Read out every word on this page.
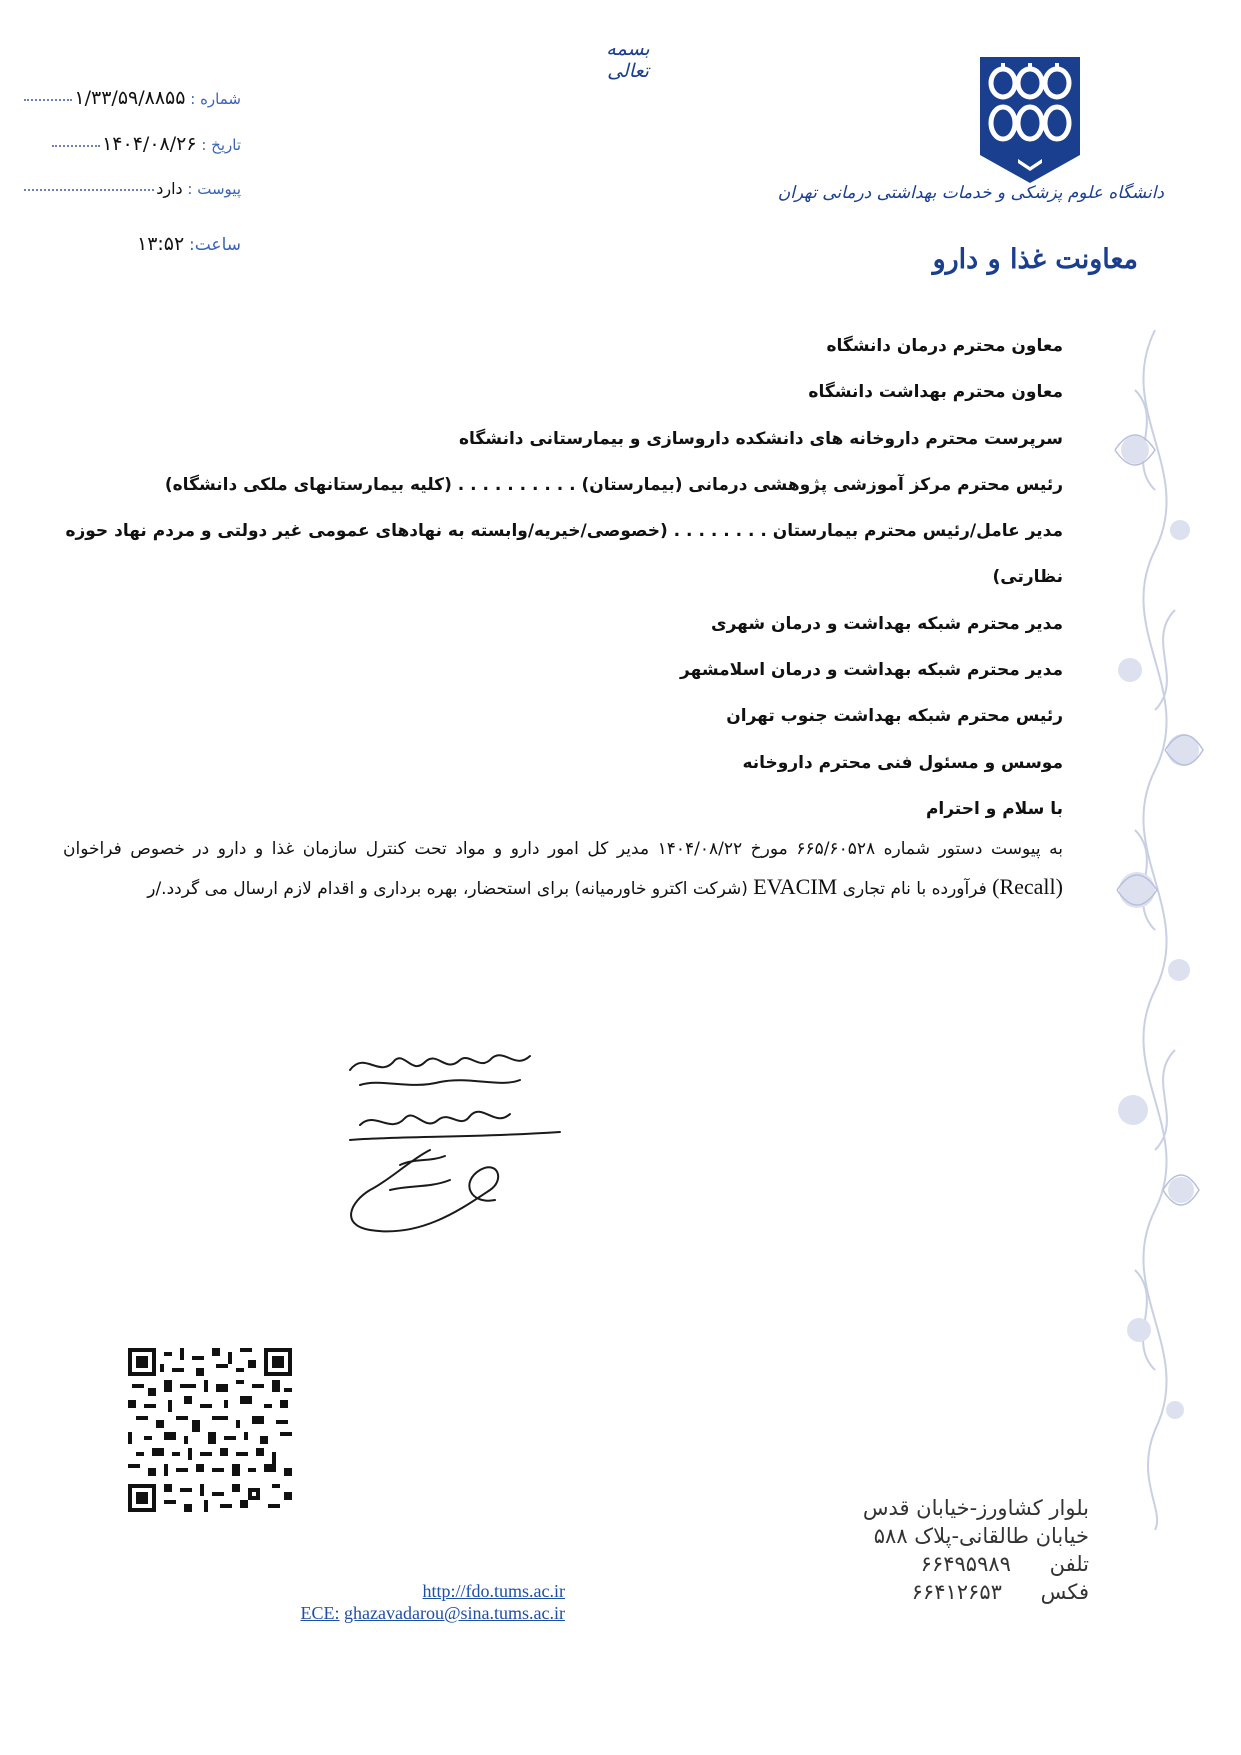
بسمه تعالی
شماره : ۱/۳۳/۵۹/۸۸۵۵
تاریخ : ۱۴۰۴/۰۸/۲۶
پیوست : دارد
ساعت: ۱۳:۵۲
دانشگاه علوم پزشکی و خدمات بهداشتی درمانی تهران
معاونت غذا و دارو
معاون محترم درمان دانشگاه
معاون محترم بهداشت دانشگاه
سرپرست محترم داروخانه های دانشکده داروسازی و بیمارستانی دانشگاه
رئیس محترم مرکز آموزشی پژوهشی درمانی (بیمارستان) . . . . . . . . . . (کلیه بیمارستانهای ملکی دانشگاه)
مدیر عامل/رئیس محترم بیمارستان . . . . . . . . (خصوصی/خیریه/وابسته به نهادهای عمومی غیر دولتی و مردم نهاد حوزه
نظارتی)
مدیر محترم شبکه بهداشت و درمان شهری
مدیر محترم شبکه بهداشت و درمان اسلامشهر
رئیس محترم شبکه بهداشت جنوب تهران
موسس و مسئول فنی محترم داروخانه
با سلام و احترام
به پیوست دستور شماره ۶۶۵/۶۰۵۲۸ مورخ ۱۴۰۴/۰۸/۲۲ مدیر کل امور دارو و مواد تحت کنترل سازمان غذا و دارو در خصوص فراخوان (Recall) فرآورده با نام تجاری EVACIM (شرکت اکترو خاورمیانه) برای استحضار، بهره برداری و اقدام لازم ارسال می گردد./ر
بلوار کشاورز-خیابان قدس
خیابان طالقانی-پلاک ۵۸۸
تلفن ۶۶۴۹۵۹۸۹
فکس ۶۶۴۱۲۶۵۳
http://fdo.tums.ac.ir
ECE: ghazavadarou@sina.tums.ac.ir
